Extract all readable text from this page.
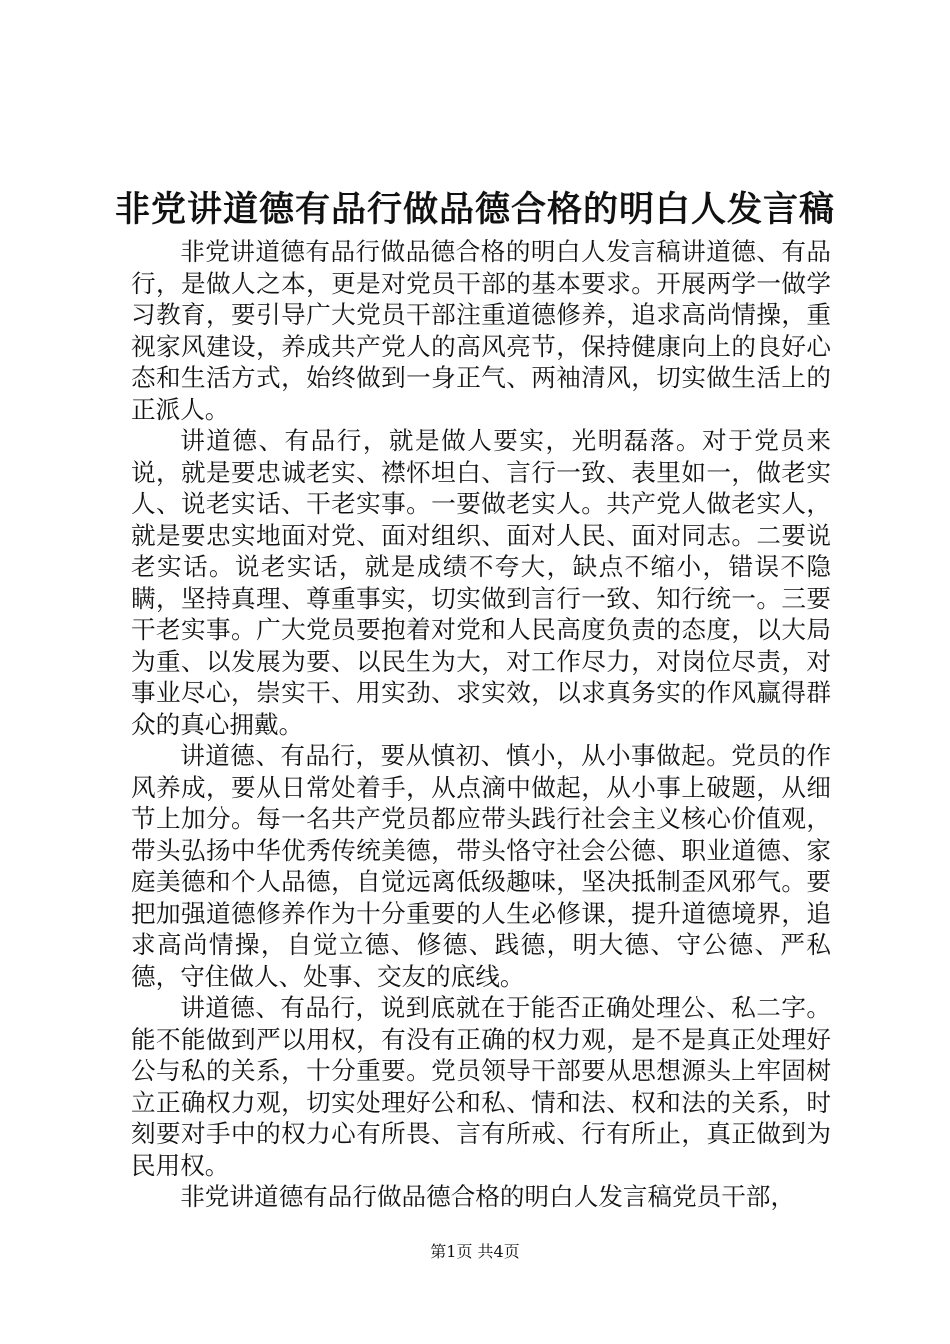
非党讲道德有品行做品德合格的明白人发言稿

非党讲道德有品行做品德合格的明白人发言稿讲道德、有品行，是做人之本，更是对党员干部的基本要求。开展两学一做学习教育，要引导广大党员干部注重道德修养，追求高尚情操，重视家风建设，养成共产党人的高风亮节，保持健康向上的良好心态和生活方式，始终做到一身正气、两袖清风，切实做生活上的正派人。

讲道德、有品行，就是做人要实，光明磊落。对于党员来说，就是要忠诚老实、襟怀坦白、言行一致、表里如一，做老实人、说老实话、干老实事。一要做老实人。共产党人做老实人，就是要忠实地面对党、面对组织、面对人民、面对同志。二要说老实话。说老实话，就是成绩不夸大，缺点不缩小，错误不隐瞒，坚持真理、尊重事实，切实做到言行一致、知行统一。三要干老实事。广大党员要抱着对党和人民高度负责的态度，以大局为重、以发展为要、以民生为大，对工作尽力，对岗位尽责，对事业尽心，崇实干、用实劲、求实效，以求真务实的作风赢得群众的真心拥戴。

讲道德、有品行，要从慎初、慎小，从小事做起。党员的作风养成，要从日常处着手，从点滴中做起，从小事上破题，从细节上加分。每一名共产党员都应带头践行社会主义核心价值观，带头弘扬中华优秀传统美德，带头恪守社会公德、职业道德、家庭美德和个人品德，自觉远离低级趣味，坚决抵制歪风邪气。要把加强道德修养作为十分重要的人生必修课，提升道德境界，追求高尚情操，自觉立德、修德、践德，明大德、守公德、严私德，守住做人、处事、交友的底线。

讲道德、有品行，说到底就在于能否正确处理公、私二字。能不能做到严以用权，有没有正确的权力观，是不是真正处理好公与私的关系，十分重要。党员领导干部要从思想源头上牢固树立正确权力观，切实处理好公和私、情和法、权和法的关系，时刻要对手中的权力心有所畏、言有所戒、行有所止，真正做到为民用权。

非党讲道德有品行做品德合格的明白人发言稿党员干部，

第1页 共4页
